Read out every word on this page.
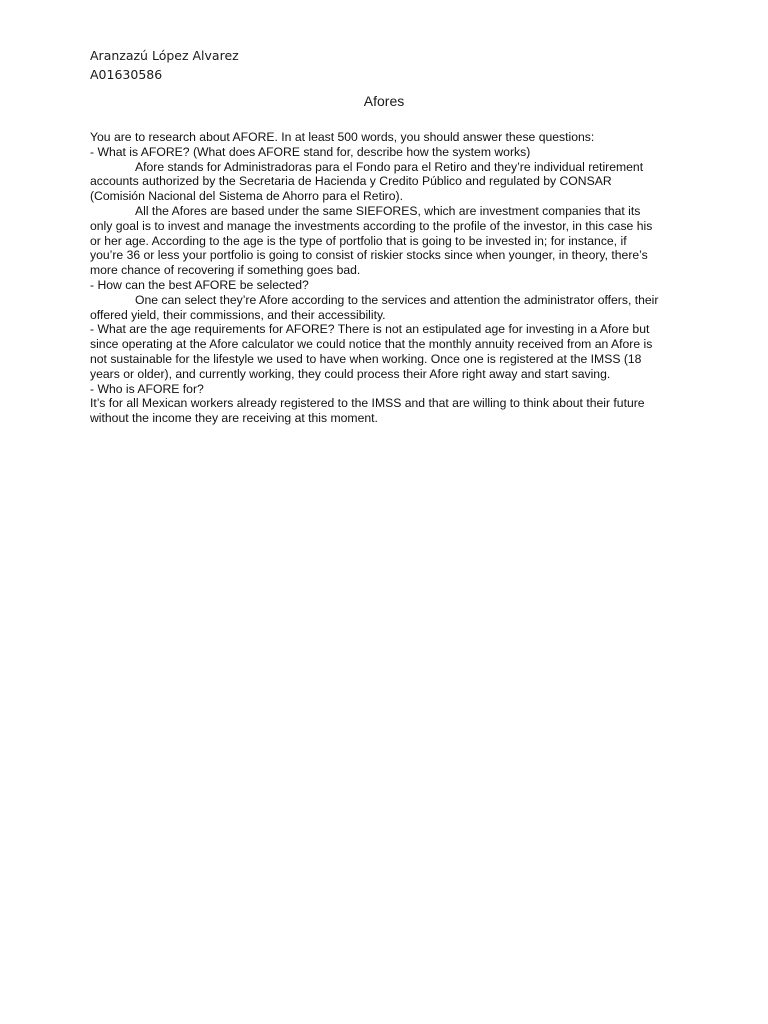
Aranzazú López Alvarez
A01630586
Afores
You are to research about AFORE. In at least 500 words, you should answer these questions:
- What is AFORE? (What does AFORE stand for, describe how the system works)
Afore stands for Administradoras para el Fondo para el Retiro and they’re individual retirement
accounts authorized by the Secretaria de Hacienda y Credito Público and regulated by CONSAR
(Comisión Nacional del Sistema de Ahorro para el Retiro).
All the Afores are based under the same SIEFORES, which are investment companies that its
only goal is to invest and manage the investments according to the profile of the investor, in this case his
or her age. According to the age is the type of portfolio that is going to be invested in; for instance, if
you’re 36 or less your portfolio is going to consist of riskier stocks since when younger, in theory, there’s
more chance of recovering if something goes bad.
- How can the best AFORE be selected?
One can select they’re Afore according to the services and attention the administrator offers, their
offered yield, their commissions, and their accessibility.
- What are the age requirements for AFORE? There is not an estipulated age for investing in a Afore but
since operating at the Afore calculator we could notice that the monthly annuity received from an Afore is
not sustainable for the lifestyle we used to have when working. Once one is registered at the IMSS (18
years or older), and currently working, they could process their Afore right away and start saving.
- Who is AFORE for?
It’s for all Mexican workers already registered to the IMSS and that are willing to think about their future
without the income they are receiving at this moment.
